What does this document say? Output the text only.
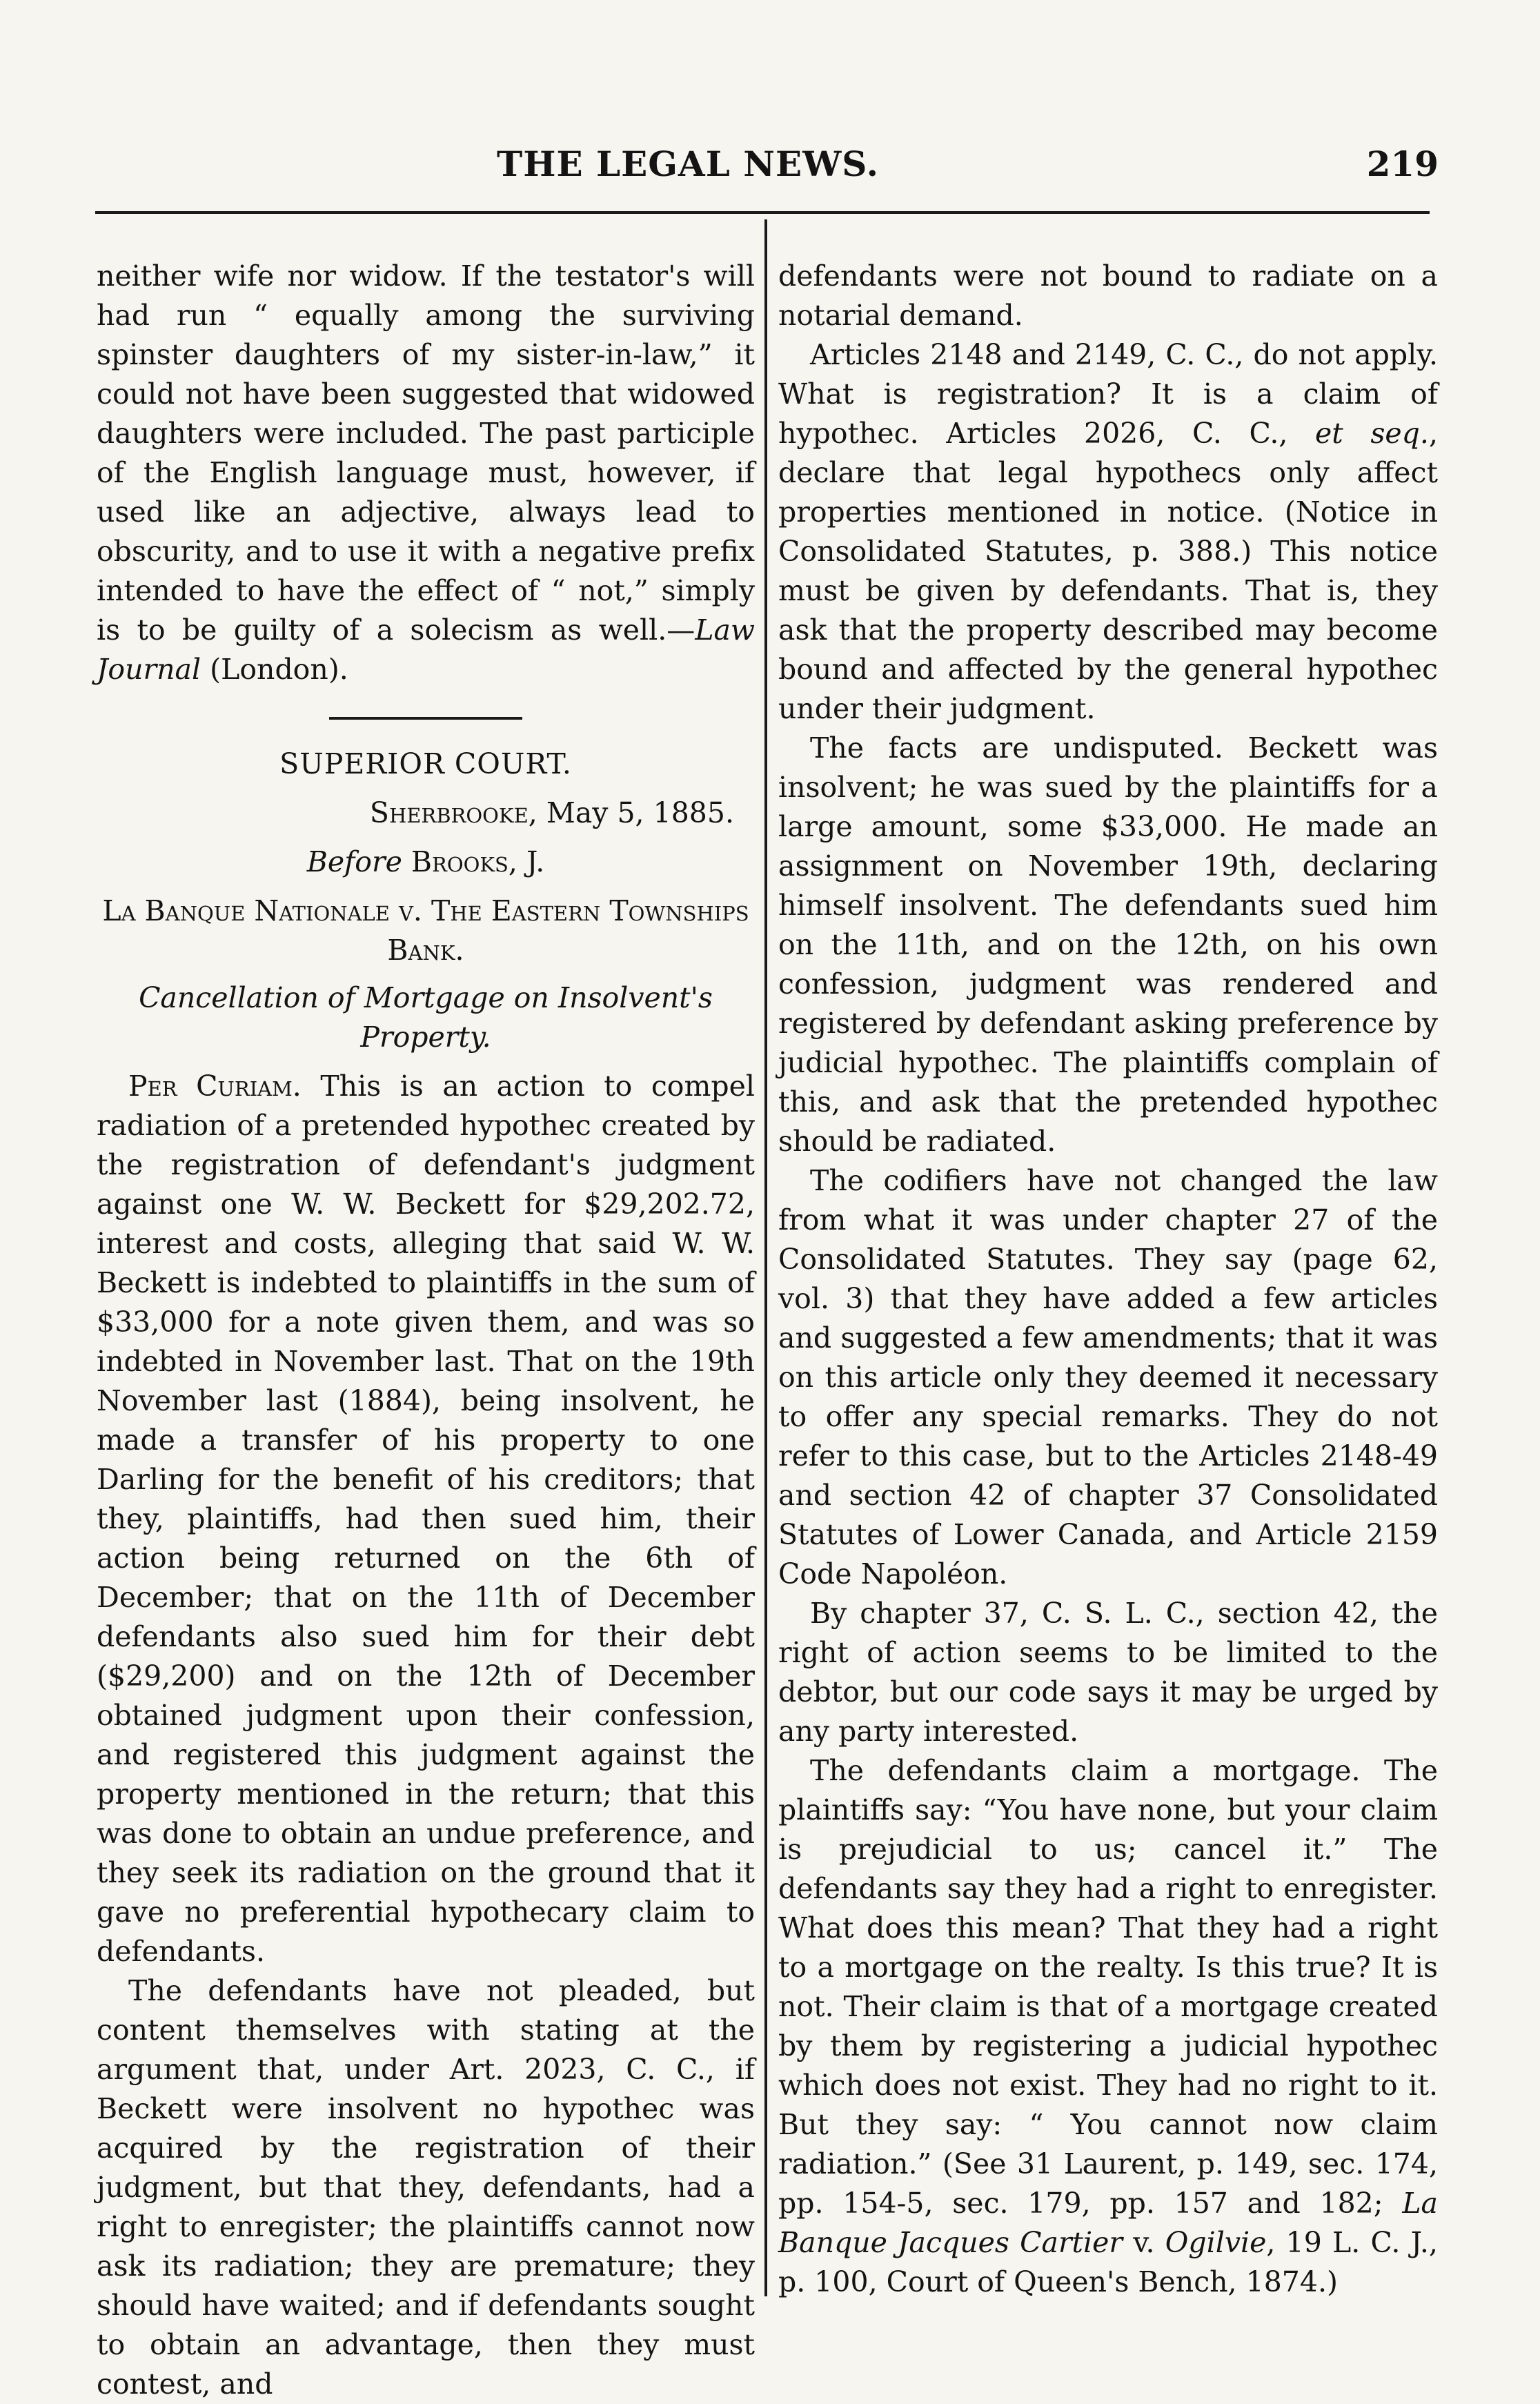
THE LEGAL NEWS.	219

neither wife nor widow. If the testator's will had run “ equally among the surviving spinster daughters of my sister-in-law,” it could not have been suggested that widowed daughters were included. The past participle of the English language must, however, if used like an adjective, always lead to obscurity, and to use it with a negative prefix intended to have the effect of “ not,” simply is to be guilty of a solecism as well.—Law Journal (London).

SUPERIOR COURT.
Sherbrooke, May 5, 1885.
Before Brooks, J.
La Banque Nationale v. The Eastern Townships Bank.
Cancellation of Mortgage on Insolvent's Property.

Per Curiam. This is an action to compel radiation of a pretended hypothec created by the registration of defendant's judgment against one W. W. Beckett for $29,202.72, interest and costs, alleging that said W. W. Beckett is indebted to plaintiffs in the sum of $33,000 for a note given them, and was so indebted in November last. That on the 19th November last (1884), being insolvent, he made a transfer of his property to one Darling for the benefit of his creditors; that they, plaintiffs, had then sued him, their action being returned on the 6th of December; that on the 11th of December defendants also sued him for their debt ($29,200) and on the 12th of December obtained judgment upon their confession, and registered this judgment against the property mentioned in the return; that this was done to obtain an undue preference, and they seek its radiation on the ground that it gave no preferential hypothecary claim to defendants.

The defendants have not pleaded, but content themselves with stating at the argument that, under Art. 2023, C. C., if Beckett were insolvent no hypothec was acquired by the registration of their judgment, but that they, defendants, had a right to enregister; the plaintiffs cannot now ask its radiation; they are premature; they should have waited; and if defendants sought to obtain an advantage, then they must contest, and

defendants were not bound to radiate on a notarial demand.

Articles 2148 and 2149, C. C., do not apply. What is registration? It is a claim of hypothec. Articles 2026, C. C., et seq., declare that legal hypothecs only affect properties mentioned in notice. (Notice in Consolidated Statutes, p. 388.) This notice must be given by defendants. That is, they ask that the property described may become bound and affected by the general hypothec under their judgment.

The facts are undisputed. Beckett was insolvent; he was sued by the plaintiffs for a large amount, some $33,000. He made an assignment on November 19th, declaring himself insolvent. The defendants sued him on the 11th, and on the 12th, on his own confession, judgment was rendered and registered by defendant asking preference by judicial hypothec. The plaintiffs complain of this, and ask that the pretended hypothec should be radiated.

The codifiers have not changed the law from what it was under chapter 27 of the Consolidated Statutes. They say (page 62, vol. 3) that they have added a few articles and suggested a few amendments; that it was on this article only they deemed it necessary to offer any special remarks. They do not refer to this case, but to the Articles 2148-49 and section 42 of chapter 37 Consolidated Statutes of Lower Canada, and Article 2159 Code Napoléon.

By chapter 37, C. S. L. C., section 42, the right of action seems to be limited to the debtor, but our code says it may be urged by any party interested.

The defendants claim a mortgage. The plaintiffs say: “You have none, but your claim is prejudicial to us; cancel it.” The defendants say they had a right to enregister. What does this mean? That they had a right to a mortgage on the realty. Is this true? It is not. Their claim is that of a mortgage created by them by registering a judicial hypothec which does not exist. They had no right to it. But they say: “ You cannot now claim radiation.” (See 31 Laurent, p. 149, sec. 174, pp. 154-5, sec. 179, pp. 157 and 182; La Banque Jacques Cartier v. Ogilvie, 19 L. C. J., p. 100, Court of Queen's Bench, 1874.)
